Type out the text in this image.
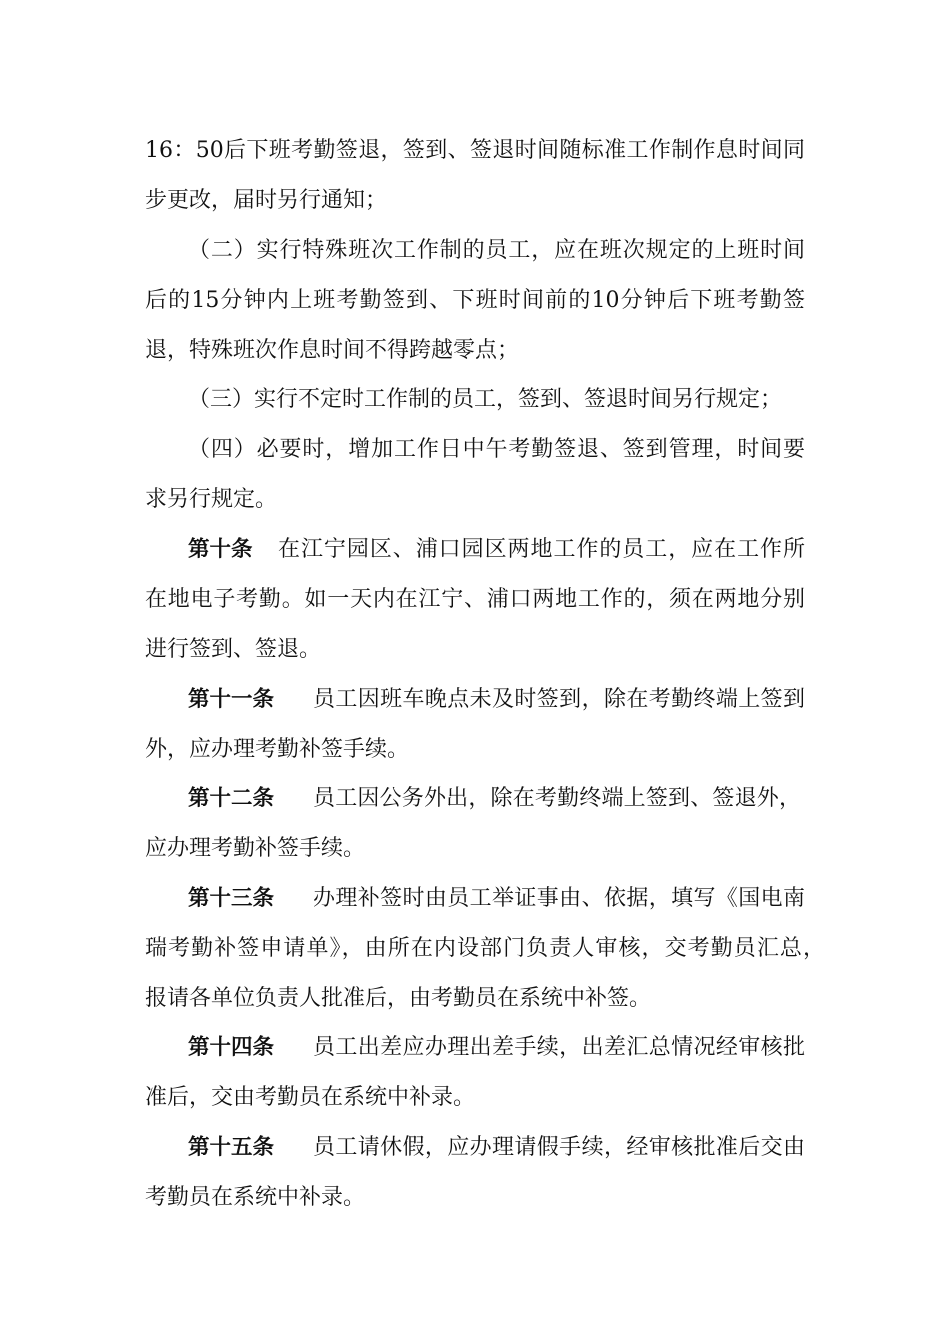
16：50后下班考勤签退，签到、签退时间随标准工作制作息时间同
步更改，届时另行通知；
（二）实行特殊班次工作制的员工，应在班次规定的上班时间
后的15分钟内上班考勤签到、下班时间前的10分钟后下班考勤签
退，特殊班次作息时间不得跨越零点；
（三）实行不定时工作制的员工，签到、签退时间另行规定；
（四）必要时，增加工作日中午考勤签退、签到管理，时间要
求另行规定。
第十条 在江宁园区、浦口园区两地工作的员工，应在工作所
在地电子考勤。如一天内在江宁、浦口两地工作的，须在两地分别
进行签到、签退。
第十一条 员工因班车晚点未及时签到，除在考勤终端上签到
外，应办理考勤补签手续。
第十二条 员工因公务外出，除在考勤终端上签到、签退外，
应办理考勤补签手续。
第十三条 办理补签时由员工举证事由、依据，填写《国电南
瑞考勤补签申请单》，由所在内设部门负责人审核，交考勤员汇总，
报请各单位负责人批准后，由考勤员在系统中补签。
第十四条 员工出差应办理出差手续，出差汇总情况经审核批
准后，交由考勤员在系统中补录。
第十五条 员工请休假，应办理请假手续，经审核批准后交由
考勤员在系统中补录。
